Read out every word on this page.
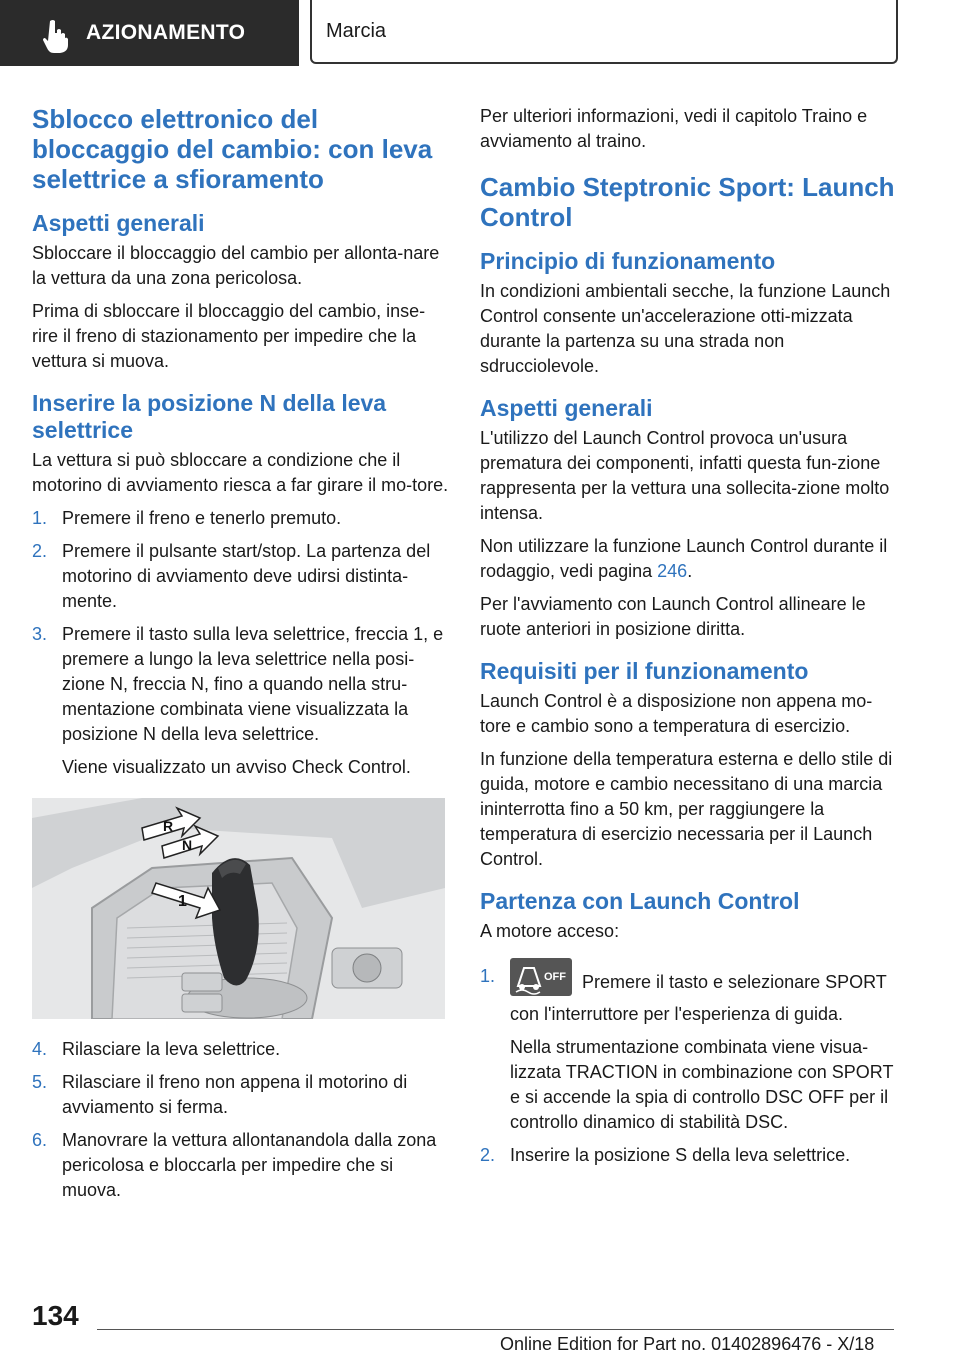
AZIONAMENTO	Marcia
Sblocco elettronico del bloccaggio del cambio: con leva selettrice a sfioramento
Aspetti generali

Sbloccare il bloccaggio del cambio per allonta‐nare la vettura da una zona pericolosa.

Prima di sbloccare il bloccaggio del cambio, inse‐rire il freno di stazionamento per impedire che la vettura si muova.

Inserire la posizione N della leva selettrice

La vettura si può sbloccare a condizione che il motorino di avviamento riesca a far girare il mo‐tore.

1. Premere il freno e tenerlo premuto.
2. Premere il pulsante start/stop. La partenza del motorino di avviamento deve udirsi distinta‐mente.
3. Premere il tasto sulla leva selettrice, freccia 1, e premere a lungo la leva selettrice nella posi‐zione N, freccia N, fino a quando nella stru‐mentazione combinata viene visualizzata la posizione N della leva selettrice.
Viene visualizzato un avviso Check Control.
R
N
1
4. Rilasciare la leva selettrice.
5. Rilasciare il freno non appena il motorino di avviamento si ferma.
6. Manovrare la vettura allontanandola dalla zona pericolosa e bloccarla per impedire che si muova.

Per ulteriori informazioni, vedi il capitolo Traino e avviamento al traino.

Cambio Steptronic Sport: Launch Control
Principio di funzionamento

In condizioni ambientali secche, la funzione Launch Control consente un'accelerazione otti‐mizzata durante la partenza su una strada non sdrucciolevole.

Aspetti generali

L'utilizzo del Launch Control provoca un'usura prematura dei componenti, infatti questa fun‐zione rappresenta per la vettura una sollecita‐zione molto intensa.

Non utilizzare la funzione Launch Control durante il rodaggio, vedi pagina 246.

Per l'avviamento con Launch Control allineare le ruote anteriori in posizione diritta.

Requisiti per il funzionamento

Launch Control è a disposizione non appena mo‐tore e cambio sono a temperatura di esercizio.

In funzione della temperatura esterna e dello stile di guida, motore e cambio necessitano di una marcia ininterrotta fino a 50 km, per raggiungere la temperatura di esercizio necessaria per il Launch Control.

Partenza con Launch Control

A motore acceso:

1.	OFF Premere il tasto e selezionare SPORT con l'interruttore per l'esperienza di guida.
Nella strumentazione combinata viene visua‐lizzata TRACTION in combinazione con SPORT e si accende la spia di controllo DSC OFF per il controllo dinamico di stabilità DSC.
2. Inserire la posizione S della leva selettrice.
134
Online Edition for Part no. 01402896476 - X/18
